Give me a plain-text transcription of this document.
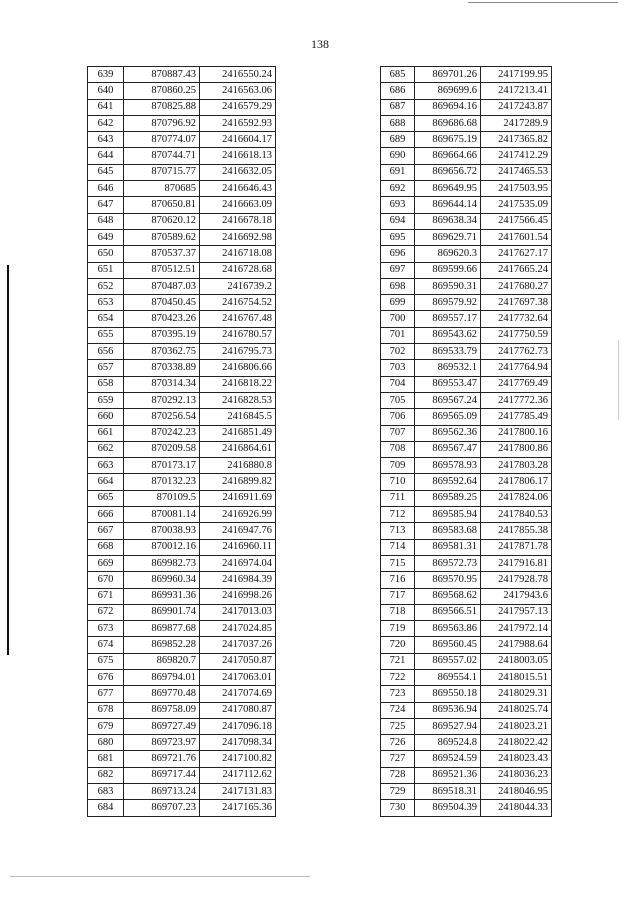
138
639	870887.43	2416550.24
640	870860.25	2416563.06
641	870825.88	2416579.29
642	870796.92	2416592.93
643	870774.07	2416604.17
644	870744.71	2416618.13
645	870715.77	2416632.05
646	870685	2416646.43
647	870650.81	2416663.09
648	870620.12	2416678.18
649	870589.62	2416692.98
650	870537.37	2416718.08
651	870512.51	2416728.68
652	870487.03	2416739.2
653	870450.45	2416754.52
654	870423.26	2416767.48
655	870395.19	2416780.57
656	870362.75	2416795.73
657	870338.89	2416806.66
658	870314.34	2416818.22
659	870292.13	2416828.53
660	870256.54	2416845.5
661	870242.23	2416851.49
662	870209.58	2416864.61
663	870173.17	2416880.8
664	870132.23	2416899.82
665	870109.5	2416911.69
666	870081.14	2416926.99
667	870038.93	2416947.76
668	870012.16	2416960.11
669	869982.73	2416974.04
670	869960.34	2416984.39
671	869931.36	2416998.26
672	869901.74	2417013.03
673	869877.68	2417024.85
674	869852.28	2417037.26
675	869820.7	2417050.87
676	869794.01	2417063.01
677	869770.48	2417074.69
678	869758.09	2417080.87
679	869727.49	2417096.18
680	869723.97	2417098.34
681	869721.76	2417100.82
682	869717.44	2417112.62
683	869713.24	2417131.83
684	869707.23	2417165.36
685	869701.26	2417199.95
686	869699.6	2417213.41
687	869694.16	2417243.87
688	869686.68	2417289.9
689	869675.19	2417365.82
690	869664.66	2417412.29
691	869656.72	2417465.53
692	869649.95	2417503.95
693	869644.14	2417535.09
694	869638.34	2417566.45
695	869629.71	2417601.54
696	869620.3	2417627.17
697	869599.66	2417665.24
698	869590.31	2417680.27
699	869579.92	2417697.38
700	869557.17	2417732.64
701	869543.62	2417750.59
702	869533.79	2417762.73
703	869532.1	2417764.94
704	869553.47	2417769.49
705	869567.24	2417772.36
706	869565.09	2417785.49
707	869562.36	2417800.16
708	869567.47	2417800.86
709	869578.93	2417803.28
710	869592.64	2417806.17
711	869589.25	2417824.06
712	869585.94	2417840.53
713	869583.68	2417855.38
714	869581.31	2417871.78
715	869572.73	2417916.81
716	869570.95	2417928.78
717	869568.62	2417943.6
718	869566.51	2417957.13
719	869563.86	2417972.14
720	869560.45	2417988.64
721	869557.02	2418003.05
722	869554.1	2418015.51
723	869550.18	2418029.31
724	869536.94	2418025.74
725	869527.94	2418023.21
726	869524.8	2418022.42
727	869524.59	2418023.43
728	869521.36	2418036.23
729	869518.31	2418046.95
730	869504.39	2418044.33
